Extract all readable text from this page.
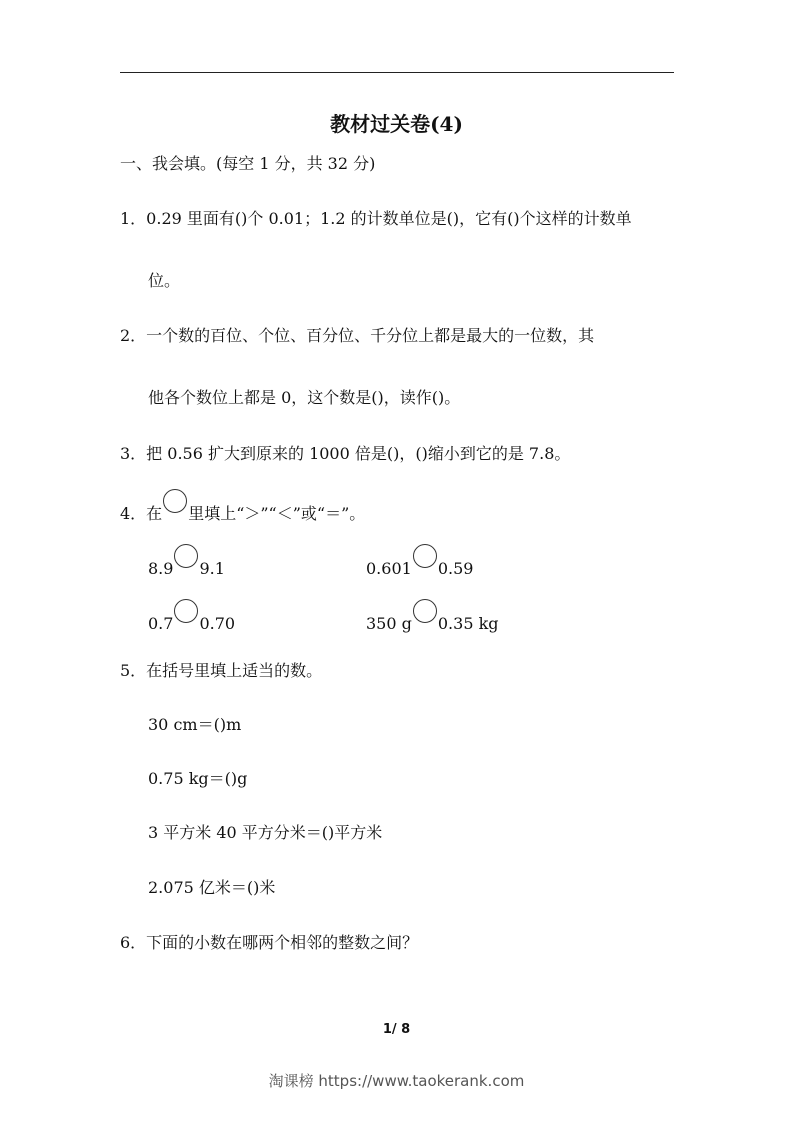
教材过关卷(4)
一、我会填。(每空 1 分，共 32 分)
1．0.29 里面有()个 0.01；1.2 的计数单位是()，它有()个这样的计数单
位。
2．一个数的百位、个位、百分位、千分位上都是最大的一位数，其
他各个数位上都是 0，这个数是()，读作()。
3．把 0.56 扩大到原来的 1000 倍是()，()缩小到它的是 7.8。
4．在 里填上“＞”“＜”或“＝”。
8.9 9.1	0.601 0.59
0.7 0.70	350 g 0.35 kg
5．在括号里填上适当的数。
30 cm＝()m
0.75 kg＝()g
3 平方米 40 平方分米＝()平方米
2.075 亿米＝()米
6．下面的小数在哪两个相邻的整数之间？
1/ 8
淘课榜 https://www.taokerank.com
